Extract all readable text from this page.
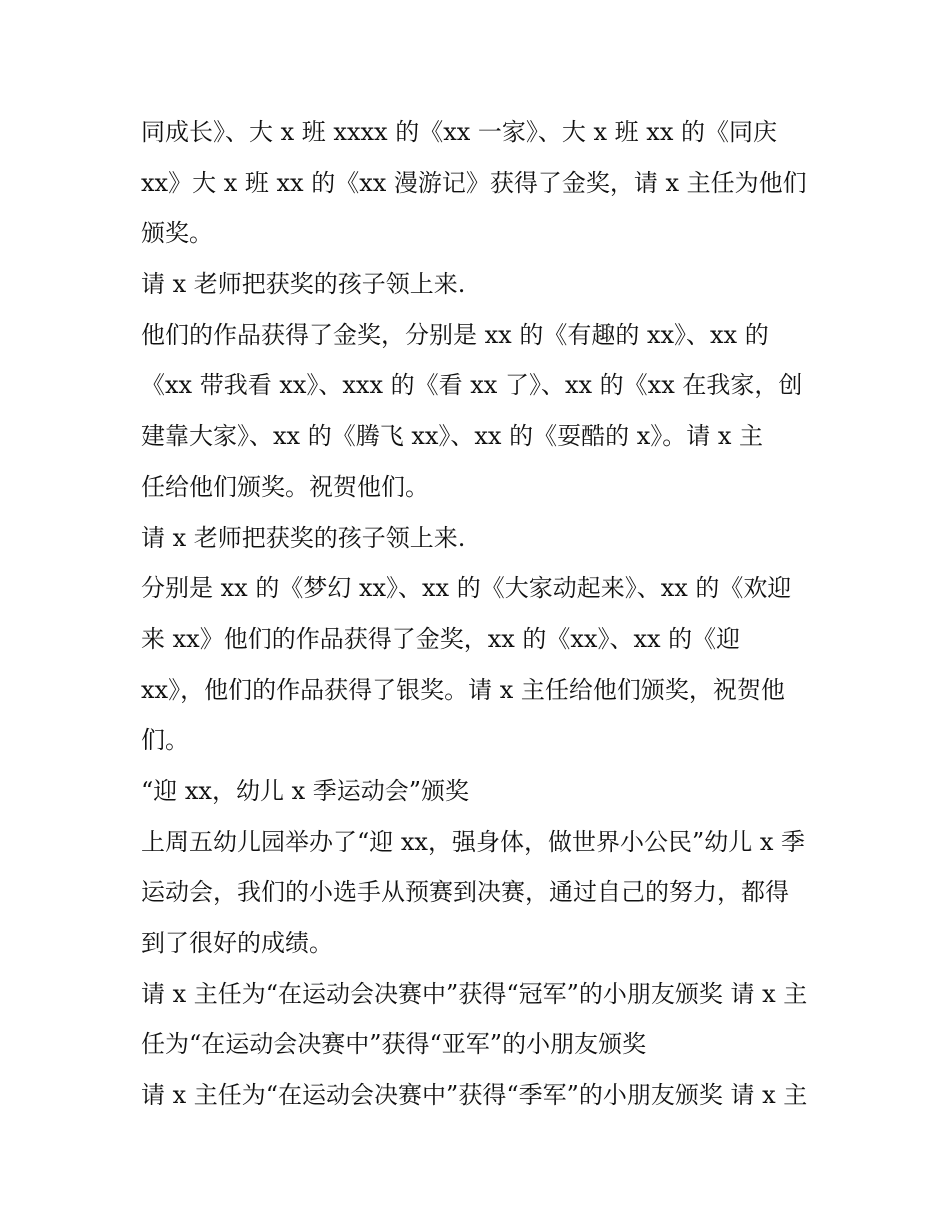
同成长》、大 x 班 xxxx 的《xx 一家》、大 x 班 xx 的《同庆
xx》大 x 班 xx 的《xx 漫游记》获得了金奖，请 x 主任为他们
颁奖。

请 x 老师把获奖的孩子领上来.

他们的作品获得了金奖，分别是 xx 的《有趣的 xx》、xx 的
《xx 带我看 xx》、xxx 的《看 xx 了》、xx 的《xx 在我家，创
建靠大家》、xx 的《腾飞 xx》、xx 的《耍酷的 x》。请 x 主
任给他们颁奖。祝贺他们。

请 x 老师把获奖的孩子领上来.

分别是 xx 的《梦幻 xx》、xx 的《大家动起来》、xx 的《欢迎
来 xx》他们的作品获得了金奖，xx 的《xx》、xx 的《迎
xx》，他们的作品获得了银奖。请 x 主任给他们颁奖，祝贺他
们。

“迎 xx，幼儿 x 季运动会”颁奖

上周五幼儿园举办了“迎 xx，强身体，做世界小公民”幼儿 x 季
运动会，我们的小选手从预赛到决赛，通过自己的努力，都得
到了很好的成绩。

请 x 主任为“在运动会决赛中”获得“冠军”的小朋友颁奖 请 x 主
任为“在运动会决赛中”获得“亚军”的小朋友颁奖

请 x 主任为“在运动会决赛中”获得“季军”的小朋友颁奖 请 x 主
